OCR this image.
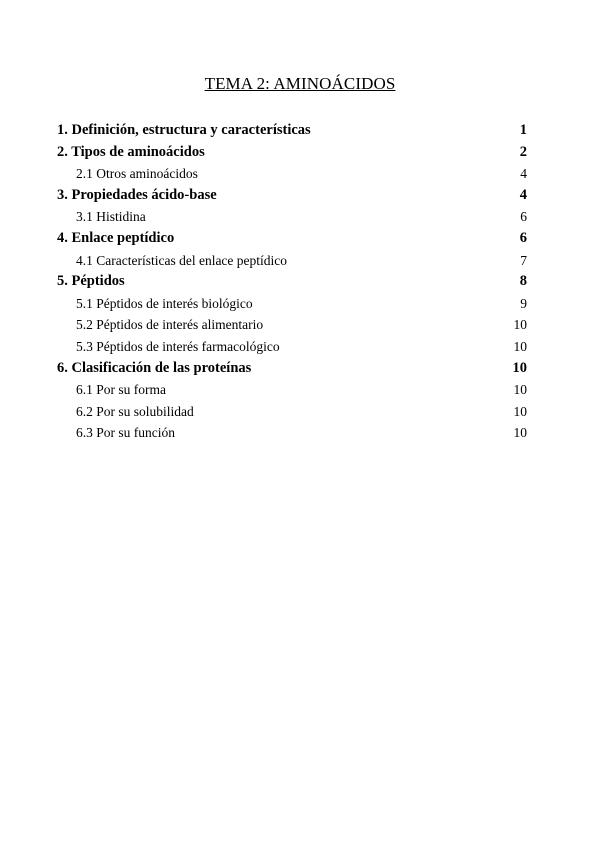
TEMA 2: AMINOÁCIDOS
1. Definición, estructura y características	1
2. Tipos de aminoácidos	2
2.1 Otros aminoácidos	4
3. Propiedades ácido-base	4
3.1 Histidina	6
4. Enlace peptídico	6
4.1 Características del enlace peptídico	7
5. Péptidos	8
5.1 Péptidos de interés biológico	9
5.2 Péptidos de interés alimentario	10
5.3 Péptidos de interés farmacológico	10
6. Clasificación de las proteínas	10
6.1 Por su forma	10
6.2 Por su solubilidad	10
6.3 Por su función	10
